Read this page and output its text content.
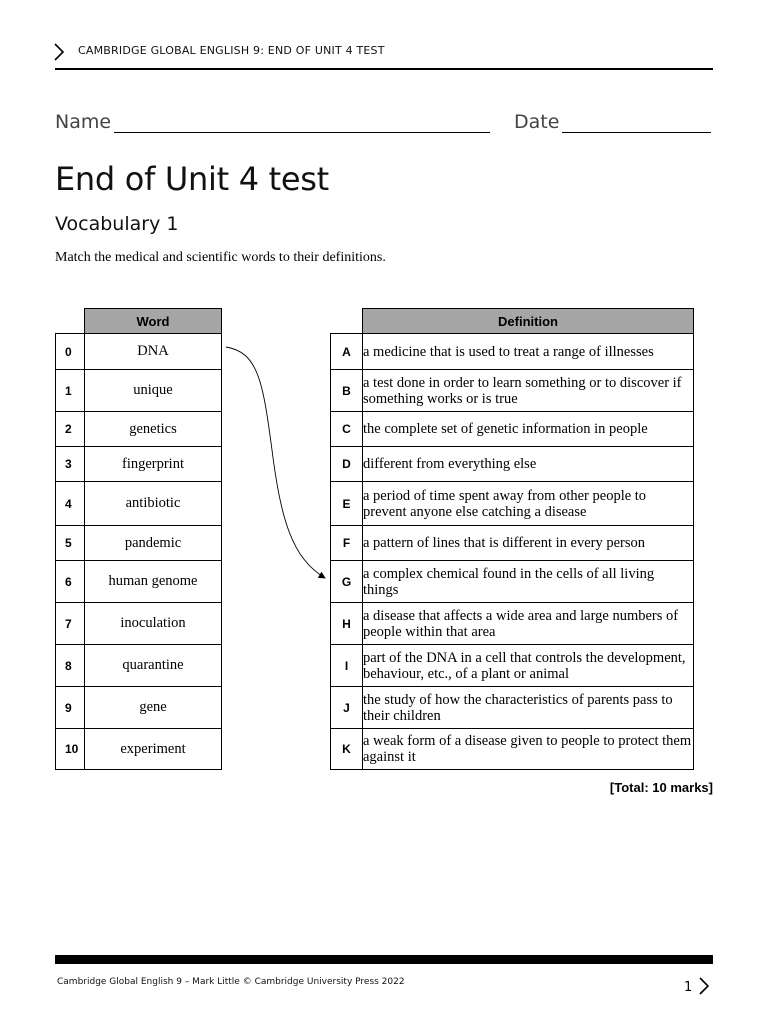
CAMBRIDGE GLOBAL ENGLISH 9: END OF UNIT 4 TEST
Name	Date
End of Unit 4 test
Vocabulary 1
Match the medical and scientific words to their definitions.
	Word
0	DNA
1	unique
2	genetics
3	fingerprint
4	antibiotic
5	pandemic
6	human genome
7	inoculation
8	quarantine
9	gene
10	experiment
	Definition
A	a medicine that is used to treat a range of illnesses
B	a test done in order to learn something or to discover if something works or is true
C	the complete set of genetic information in people
D	different from everything else
E	a period of time spent away from other people to prevent anyone else catching a disease
F	a pattern of lines that is different in every person
G	a complex chemical found in the cells of all living things
H	a disease that affects a wide area and large numbers of people within that area
I	part of the DNA in a cell that controls the development, behaviour, etc., of a plant or animal
J	the study of how the characteristics of parents pass to their children
K	a weak form of a disease given to people to protect them against it
[Total: 10 marks]
Cambridge Global English 9 – Mark Little © Cambridge University Press 2022	1
